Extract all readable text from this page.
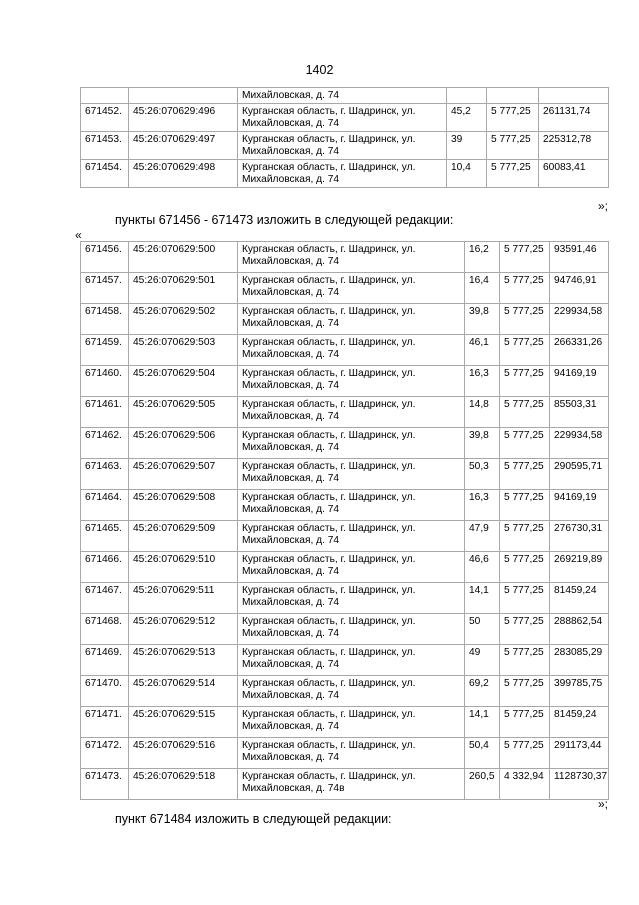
1402
		Михайловская, д. 74			
671452.	45:26:070629:496	Курганская область, г. Шадринск, ул.
Михайловская, д. 74	45,2	5 777,25	261131,74
671453.	45:26:070629:497	Курганская область, г. Шадринск, ул.
Михайловская, д. 74	39	5 777,25	225312,78
671454.	45:26:070629:498	Курганская область, г. Шадринск, ул.
Михайловская, д. 74	10,4	5 777,25	60083,41
»;
пункты 671456 - 671473 изложить в следующей редакции:
«
671456.	45:26:070629:500	Курганская область, г. Шадринск, ул.
Михайловская, д. 74	16,2	5 777,25	93591,46
671457.	45:26:070629:501	Курганская область, г. Шадринск, ул.
Михайловская, д. 74	16,4	5 777,25	94746,91
671458.	45:26:070629:502	Курганская область, г. Шадринск, ул.
Михайловская, д. 74	39,8	5 777,25	229934,58
671459.	45:26:070629:503	Курганская область, г. Шадринск, ул.
Михайловская, д. 74	46,1	5 777,25	266331,26
671460.	45:26:070629:504	Курганская область, г. Шадринск, ул.
Михайловская, д. 74	16,3	5 777,25	94169,19
671461.	45:26:070629:505	Курганская область, г. Шадринск, ул.
Михайловская, д. 74	14,8	5 777,25	85503,31
671462.	45:26:070629:506	Курганская область, г. Шадринск, ул.
Михайловская, д. 74	39,8	5 777,25	229934,58
671463.	45:26:070629:507	Курганская область, г. Шадринск, ул.
Михайловская, д. 74	50,3	5 777,25	290595,71
671464.	45:26:070629:508	Курганская область, г. Шадринск, ул.
Михайловская, д. 74	16,3	5 777,25	94169,19
671465.	45:26:070629:509	Курганская область, г. Шадринск, ул.
Михайловская, д. 74	47,9	5 777,25	276730,31
671466.	45:26:070629:510	Курганская область, г. Шадринск, ул.
Михайловская, д. 74	46,6	5 777,25	269219,89
671467.	45:26:070629:511	Курганская область, г. Шадринск, ул.
Михайловская, д. 74	14,1	5 777,25	81459,24
671468.	45:26:070629:512	Курганская область, г. Шадринск, ул.
Михайловская, д. 74	50	5 777,25	288862,54
671469.	45:26:070629:513	Курганская область, г. Шадринск, ул.
Михайловская, д. 74	49	5 777,25	283085,29
671470.	45:26:070629:514	Курганская область, г. Шадринск, ул.
Михайловская, д. 74	69,2	5 777,25	399785,75
671471.	45:26:070629:515	Курганская область, г. Шадринск, ул.
Михайловская, д. 74	14,1	5 777,25	81459,24
671472.	45:26:070629:516	Курганская область, г. Шадринск, ул.
Михайловская, д. 74	50,4	5 777,25	291173,44
671473.	45:26:070629:518	Курганская область, г. Шадринск, ул.
Михайловская, д. 74в	260,5	4 332,94	1128730,37
»;
пункт 671484 изложить в следующей редакции:
